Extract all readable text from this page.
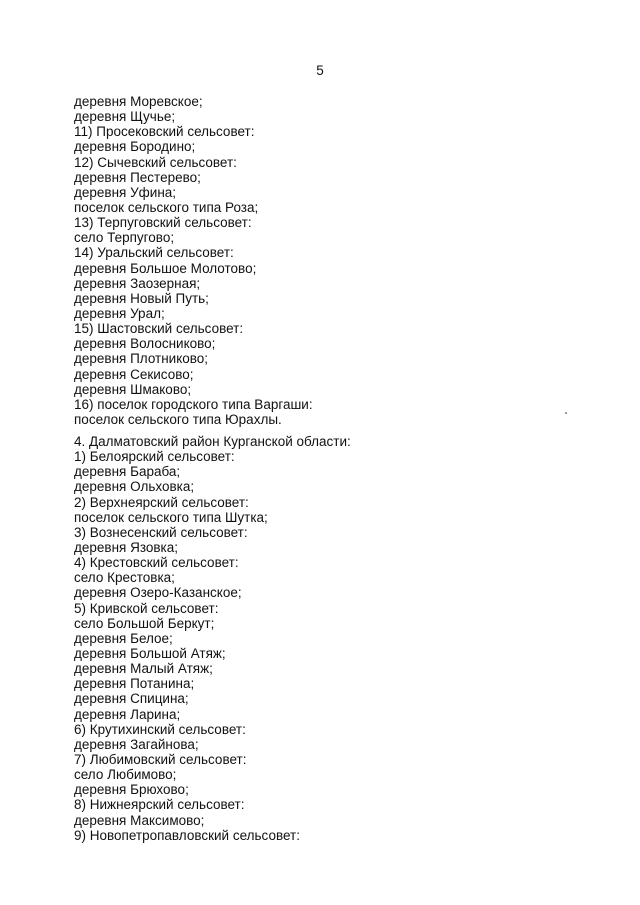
5
деревня Моревское;
деревня Щучье;
11) Просековский сельсовет:
деревня Бородино;
12) Сычевский сельсовет:
деревня Пестерево;
деревня Уфина;
поселок сельского типа Роза;
13) Терпуговский сельсовет:
село Терпугово;
14) Уральский сельсовет:
деревня Большое Молотово;
деревня Заозерная;
деревня Новый Путь;
деревня Урал;
15) Шастовский сельсовет:
деревня Волосниково;
деревня Плотниково;
деревня Секисово;
деревня Шмаково;
16) поселок городского типа Варгаши:
поселок сельского типа Юрахлы.
4. Далматовский район Курганской области:
1) Белоярский сельсовет:
деревня Бараба;
деревня Ольховка;
2) Верхнеярский сельсовет:
поселок сельского типа Шутка;
3) Вознесенский сельсовет:
деревня Язовка;
4) Крестовский сельсовет:
село Крестовка;
деревня Озеро-Казанское;
5) Кривской сельсовет:
село Большой Беркут;
деревня Белое;
деревня Большой Атяж;
деревня Малый Атяж;
деревня Потанина;
деревня Спицина;
деревня Ларина;
6) Крутихинский сельсовет:
деревня Загайнова;
7) Любимовский сельсовет:
село Любимово;
деревня Брюхово;
8) Нижнеярский сельсовет:
деревня Максимово;
9) Новопетропавловский сельсовет:
